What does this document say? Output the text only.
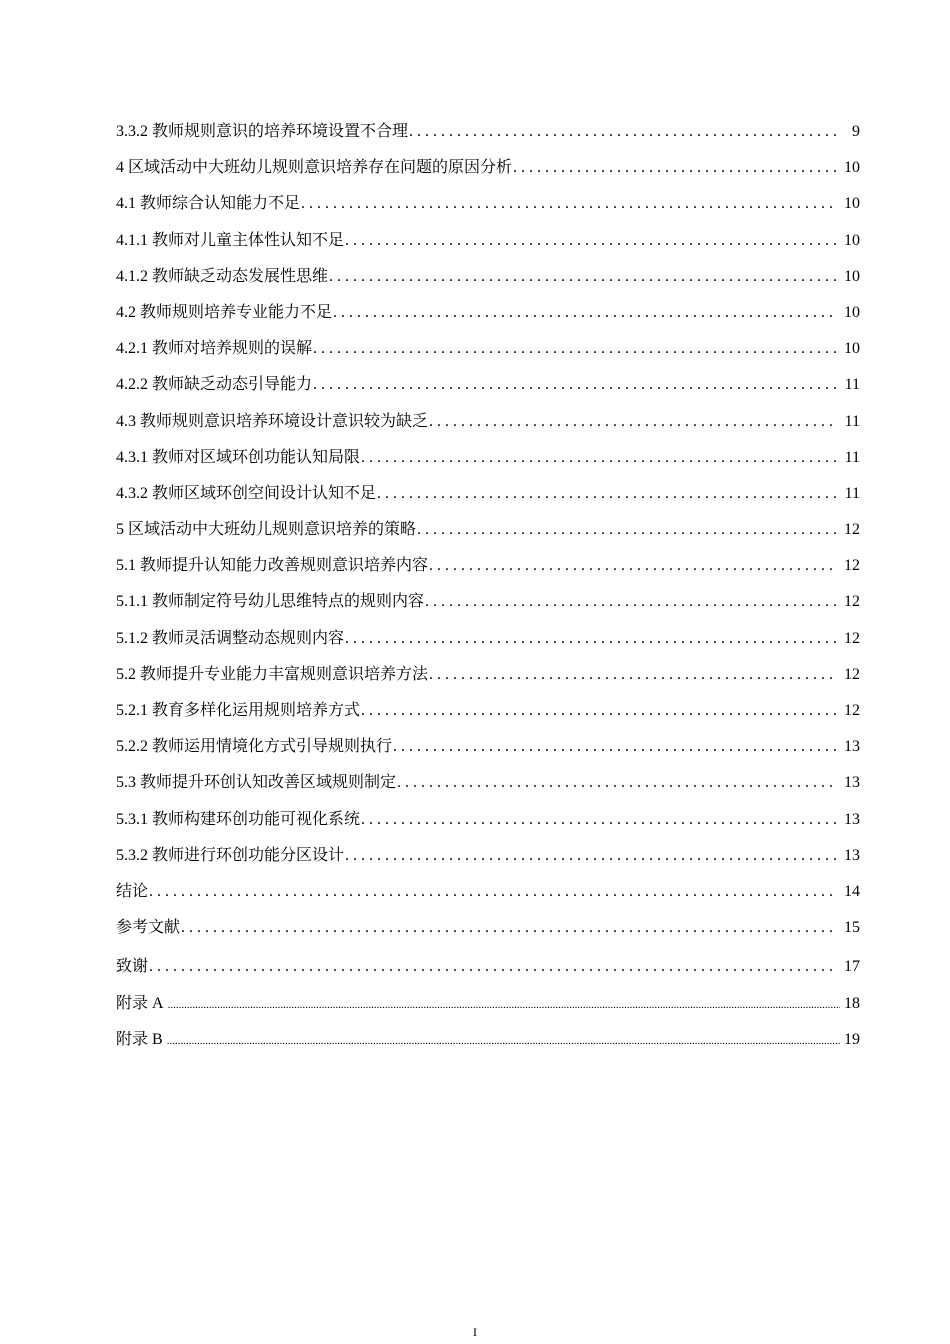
3.3.2 教师规则意识的培养环境设置不合理 . . .	9
4 区域活动中大班幼儿规则意识培养存在问题的原因分析 . . .	10
4.1 教师综合认知能力不足 . . .	10
4.1.1 教师对儿童主体性认知不足 . . .	10
4.1.2 教师缺乏动态发展性思维 . . .	10
4.2 教师规则培养专业能力不足 . . .	10
4.2.1 教师对培养规则的误解 . . .	10
4.2.2 教师缺乏动态引导能力 . . .	11
4.3 教师规则意识培养环境设计意识较为缺乏 . . .	11
4.3.1 教师对区域环创功能认知局限 . . .	11
4.3.2 教师区域环创空间设计认知不足 . . .	11
5 区域活动中大班幼儿规则意识培养的策略 . . .	12
5.1 教师提升认知能力改善规则意识培养内容 . . .	12
5.1.1 教师制定符号幼儿思维特点的规则内容 . . .	12
5.1.2 教师灵活调整动态规则内容 . . .	12
5.2 教师提升专业能力丰富规则意识培养方法 . . .	12
5.2.1 教育多样化运用规则培养方式 . . .	12
5.2.2 教师运用情境化方式引导规则执行 . . .	13
5.3 教师提升环创认知改善区域规则制定 . . .	13
5.3.1 教师构建环创功能可视化系统 . . .	13
5.3.2 教师进行环创功能分区设计 . . .	13
结论 . . .	14
参考文献 . . .	15
致谢 . . .	17
附录 A .....	18
附录 B .....	19
I
